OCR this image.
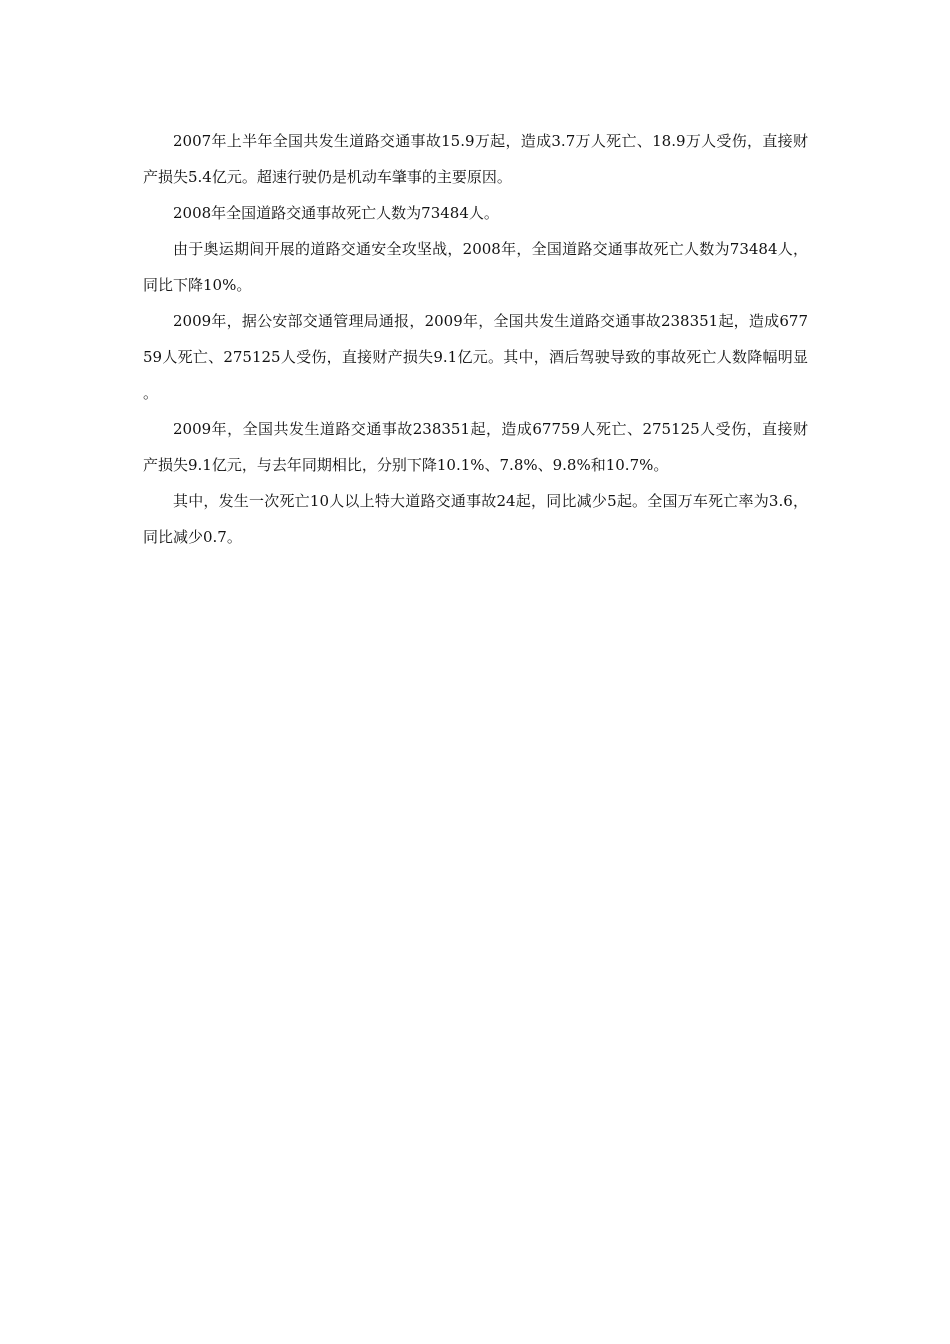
2007年上半年全国共发生道路交通事故15.9万起，造成3.7万人死亡、18.9万人受伤，直接财产损失5.4亿元。超速行驶仍是机动车肇事的主要原因。

2008年全国道路交通事故死亡人数为73484人。

由于奥运期间开展的道路交通安全攻坚战，2008年，全国道路交通事故死亡人数为73484人，同比下降10%。

2009年，据公安部交通管理局通报，2009年，全国共发生道路交通事故238351起，造成67759人死亡、275125人受伤，直接财产损失9.1亿元。其中，酒后驾驶导致的事故死亡人数降幅明显。

2009年，全国共发生道路交通事故238351起，造成67759人死亡、275125人受伤，直接财产损失9.1亿元，与去年同期相比，分别下降10.1%、7.8%、9.8%和10.7%。

其中，发生一次死亡10人以上特大道路交通事故24起，同比减少5起。全国万车死亡率为3.6，同比减少0.7。
